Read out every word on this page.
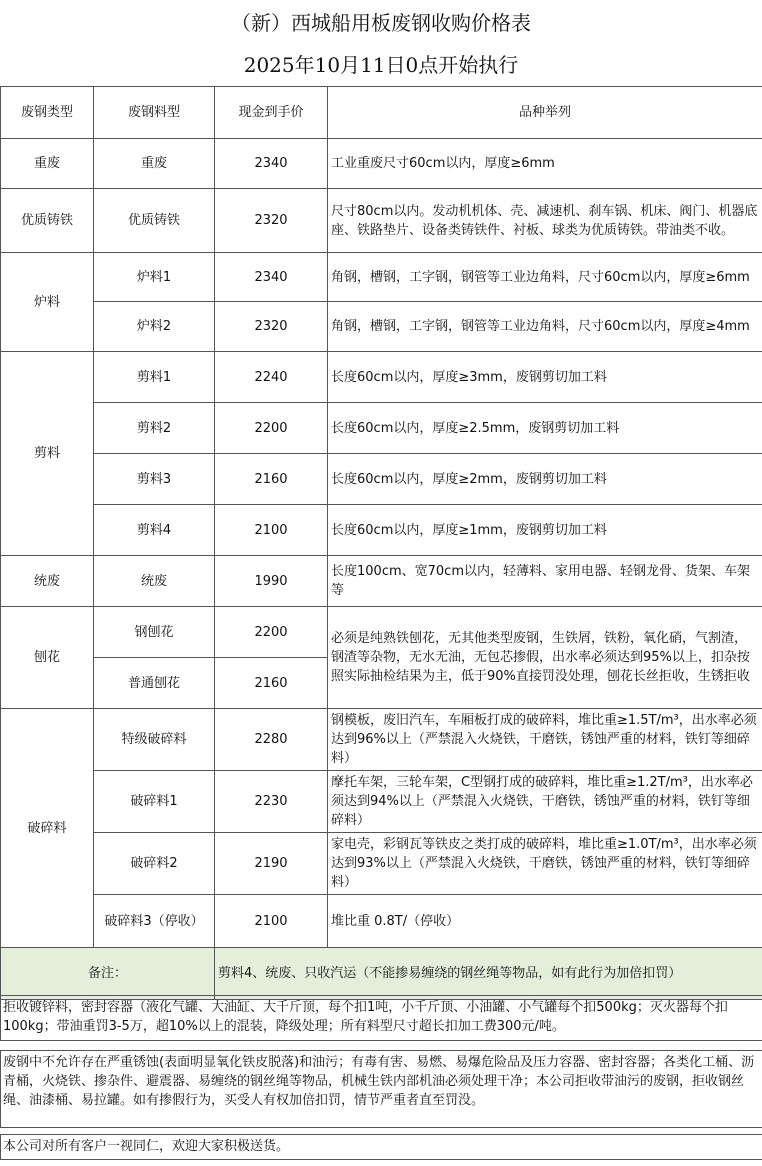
（新）西城船用板废钢收购价格表
2025年10月11日0点开始执行
废钢类型	废钢料型	现金到手价	品种举列
重废	重废	2340	工业重废尺寸60cm以内，厚度≥6mm
优质铸铁	优质铸铁	2320	尺寸80cm以内。发动机机体、壳、减速机、刹车锅、机床、阀门、机器底座、铁路垫片、设备类铸铁件、衬板、球类为优质铸铁。带油类不收。
炉料	炉料1	2340	角钢，槽钢，工字钢，钢管等工业边角料，尺寸60cm以内，厚度≥6mm
	炉料2	2320	角钢，槽钢，工字钢，钢管等工业边角料，尺寸60cm以内，厚度≥4mm
剪料	剪料1	2240	长度60cm以内，厚度≥3mm，废钢剪切加工料
	剪料2	2200	长度60cm以内，厚度≥2.5mm，废钢剪切加工料
	剪料3	2160	长度60cm以内，厚度≥2mm，废钢剪切加工料
	剪料4	2100	长度60cm以内，厚度≥1mm，废钢剪切加工料
统废	统废	1990	长度100cm、宽70cm以内，轻薄料、家用电器、轻钢龙骨、货架、车架等
刨花	钢刨花	2200	必须是纯熟铁刨花，无其他类型废钢，生铁屑，铁粉，氧化硝，气割渣，钢渣等杂物，无水无油，无包芯掺假，出水率必须达到95%以上，扣杂按照实际抽检结果为主，低于90%直接罚没处理，刨花长丝拒收，生锈拒收
	普通刨花	2160	
破碎料	特级破碎料	2280	钢模板，废旧汽车，车厢板打成的破碎料，堆比重≥1.5T/m³，出水率必须达到96%以上（严禁混入火烧铁，干磨铁，锈蚀严重的材料，铁钉等细碎料）
	破碎料1	2230	摩托车架，三轮车架，C型钢打成的破碎料，堆比重≥1.2T/m³，出水率必须达到94%以上（严禁混入火烧铁，干磨铁，锈蚀严重的材料，铁钉等细碎料）
	破碎料2	2190	家电壳，彩钢瓦等铁皮之类打成的破碎料，堆比重≥1.0T/m³，出水率必须达到93%以上（严禁混入火烧铁，干磨铁，锈蚀严重的材料，铁钉等细碎料）
	破碎料3（停收）	2100	堆比重 0.8T/（停收）
备注：		剪料4、统废、只收汽运（不能掺易缠绕的钢丝绳等物品，如有此行为加倍扣罚）	
拒收镀锌料，密封容器（液化气罐、大油缸、大千斤顶，每个扣1吨，小千斤顶、小油罐、小气罐每个扣500kg；灭火器每个扣100kg；带油重罚3-5万，超10%以上的混装，降级处理；所有料型尺寸超长扣加工费300元/吨。
废钢中不允许存在严重锈蚀(表面明显氧化铁皮脱落)和油污；有毒有害、易燃、易爆危险品及压力容器、密封容器；各类化工桶、沥青桶，火烧铁、掺杂件、避震器、易缠绕的钢丝绳等物品，机械生铁内部机油必须处理干净；本公司拒收带油污的废钢，拒收钢丝绳、油漆桶、易拉罐。如有掺假行为，买受人有权加倍扣罚，情节严重者直至罚没。
本公司对所有客户一视同仁，欢迎大家积极送货。
